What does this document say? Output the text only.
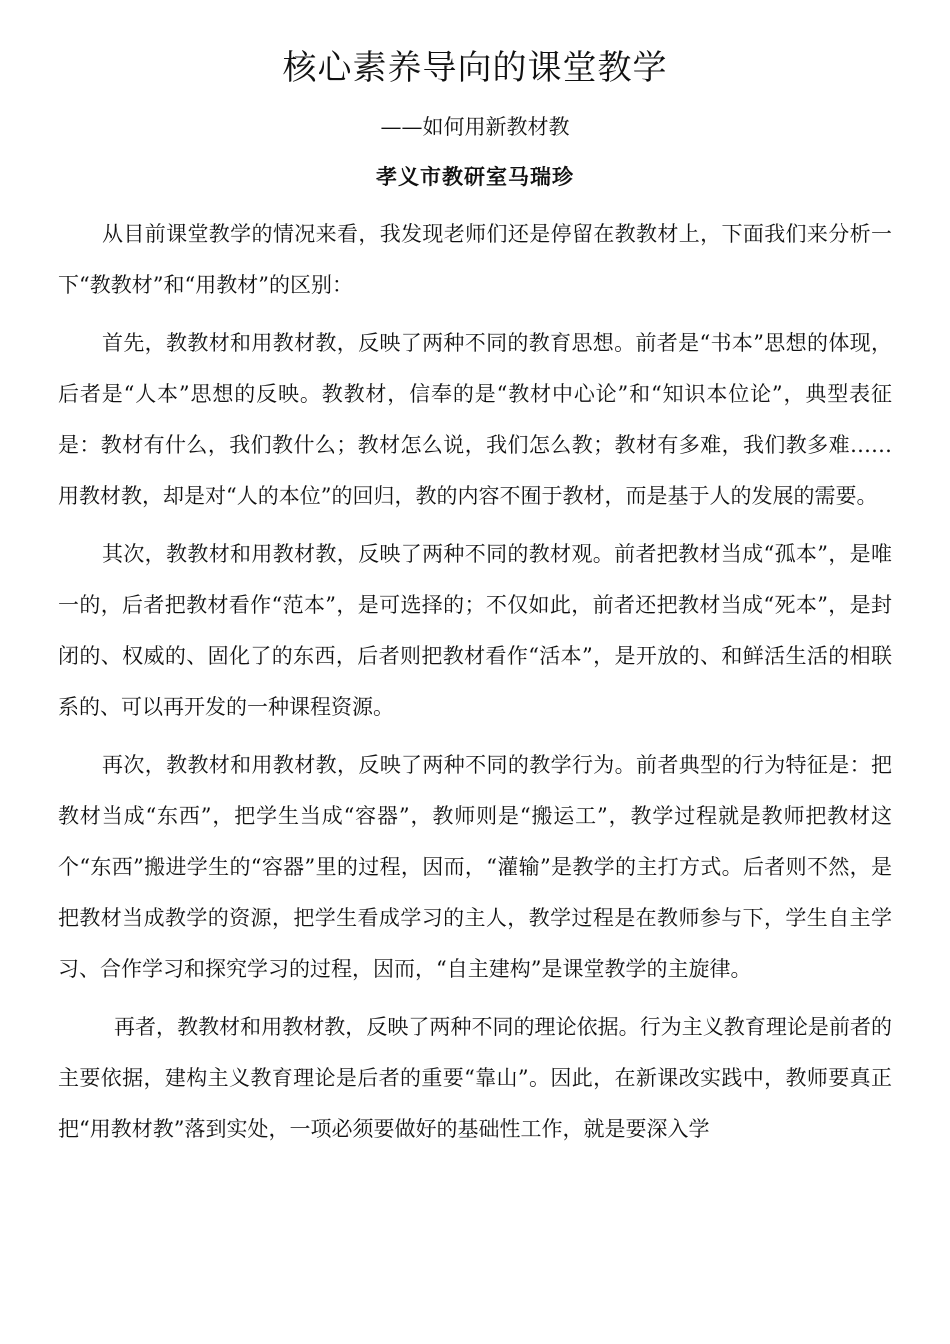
核心素养导向的课堂教学

——如何用新教材教

孝义市教研室马瑞珍

从目前课堂教学的情况来看，我发现老师们还是停留在教教材上，下面我们来分析一下“教教材”和“用教材”的区别：

首先，教教材和用教材教，反映了两种不同的教育思想。前者是“书本”思想的体现，后者是“人本”思想的反映。教教材，信奉的是“教材中心论”和“知识本位论”，典型表征是：教材有什么，我们教什么；教材怎么说，我们怎么教；教材有多难，我们教多难……用教材教，却是对“人的本位”的回归，教的内容不囿于教材，而是基于人的发展的需要。

其次，教教材和用教材教，反映了两种不同的教材观。前者把教材当成“孤本”，是唯一的，后者把教材看作“范本”，是可选择的；不仅如此，前者还把教材当成“死本”，是封闭的、权威的、固化了的东西，后者则把教材看作“活本”，是开放的、和鲜活生活的相联系的、可以再开发的一种课程资源。

再次，教教材和用教材教，反映了两种不同的教学行为。前者典型的行为特征是：把教材当成“东西”，把学生当成“容器”，教师则是“搬运工”，教学过程就是教师把教材这个“东西”搬进学生的“容器”里的过程，因而，“灌输”是教学的主打方式。后者则不然，是把教材当成教学的资源，把学生看成学习的主人，教学过程是在教师参与下，学生自主学习、合作学习和探究学习的过程，因而，“自主建构”是课堂教学的主旋律。

再者，教教材和用教材教，反映了两种不同的理论依据。行为主义教育理论是前者的主要依据，建构主义教育理论是后者的重要“靠山”。因此，在新课改实践中，教师要真正把“用教材教”落到实处，一项必须要做好的基础性工作，就是要深入学
